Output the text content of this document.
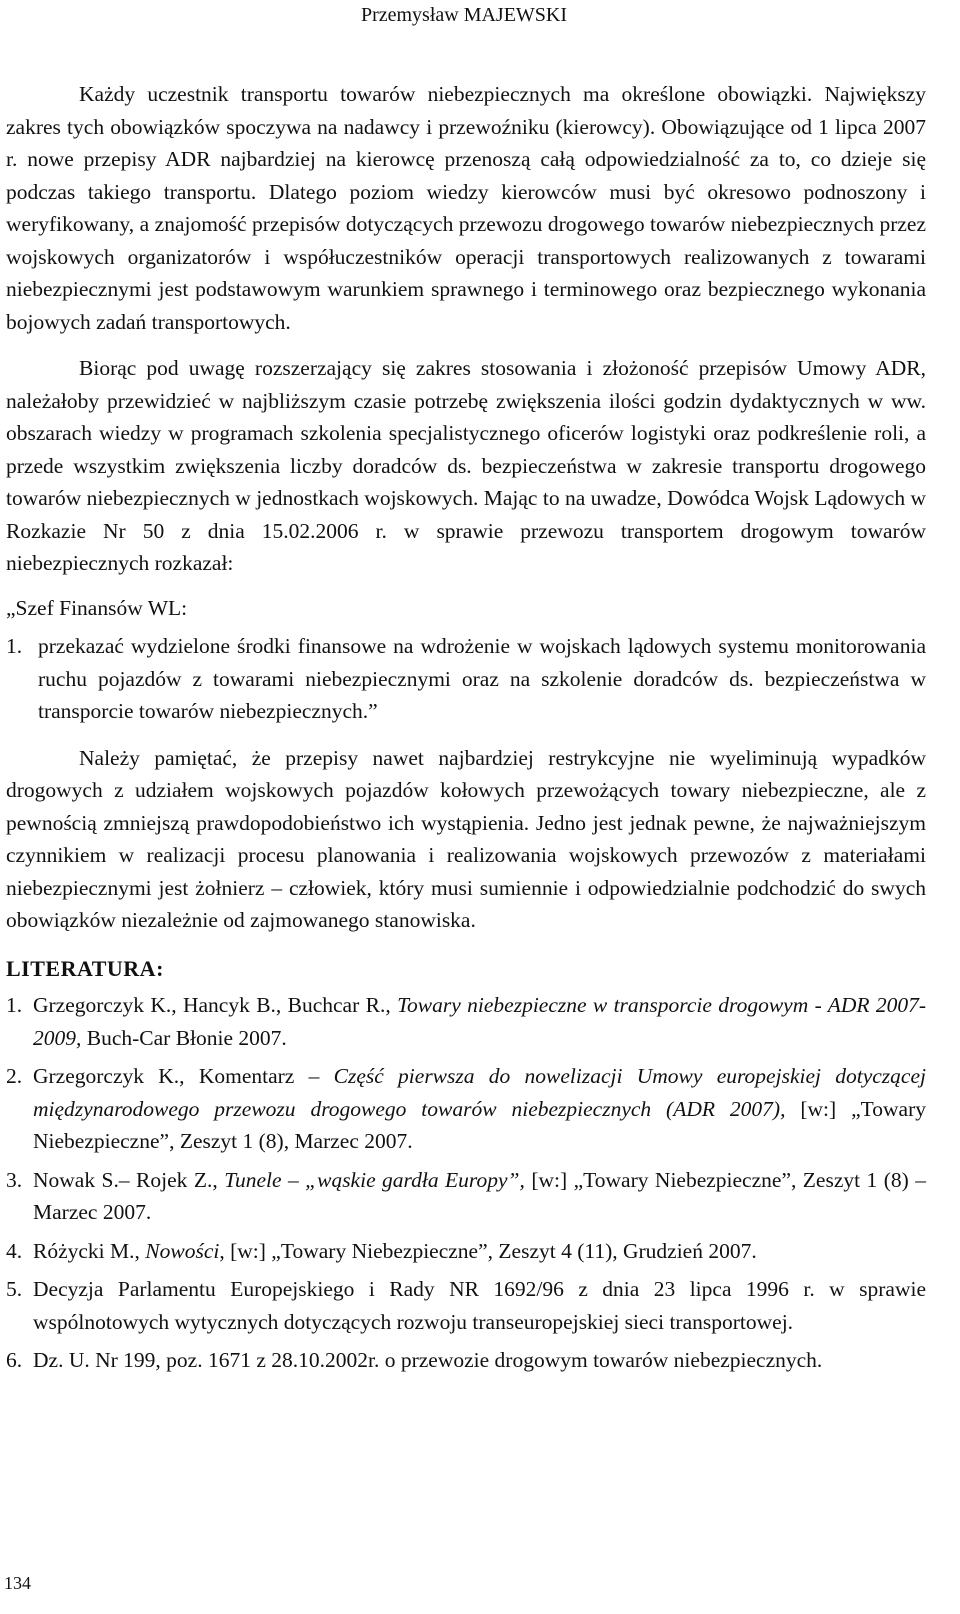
Przemysław MAJEWSKI

Każdy uczestnik transportu towarów niebezpiecznych ma określone obowiązki. Największy zakres tych obowiązków spoczywa na nadawcy i przewoźniku (kierowcy). Obowiązujące od 1 lipca 2007 r. nowe przepisy ADR najbardziej na kierowcę przenoszą całą odpowiedzialność za to, co dzieje się podczas takiego transportu. Dlatego poziom wiedzy kierowców musi być okresowo podnoszony i weryfikowany, a znajomość przepisów dotyczących przewozu drogowego towarów niebezpiecznych przez wojskowych organizatorów i współuczestników operacji transportowych realizowanych z towarami niebezpiecznymi jest podstawowym warunkiem sprawnego i terminowego oraz bezpiecznego wykonania bojowych zadań transportowych.

Biorąc pod uwagę rozszerzający się zakres stosowania i złożoność przepisów Umowy ADR, należałoby przewidzieć w najbliższym czasie potrzebę zwiększenia ilości godzin dydaktycznych w ww. obszarach wiedzy w programach szkolenia specjalistycznego oficerów logistyki oraz podkreślenie roli, a przede wszystkim zwiększenia liczby doradców ds. bezpieczeństwa w zakresie transportu drogowego towarów niebezpiecznych w jednostkach wojskowych. Mając to na uwadze, Dowódca Wojsk Lądowych w Rozkazie Nr 50 z dnia 15.02.2006 r. w sprawie przewozu transportem drogowym towarów niebezpiecznych rozkazał:

„Szef Finansów WL:

1. przekazać wydzielone środki finansowe na wdrożenie w wojskach lądowych systemu monitorowania ruchu pojazdów z towarami niebezpiecznymi oraz na szkolenie doradców ds. bezpieczeństwa w transporcie towarów niebezpiecznych.”

Należy pamiętać, że przepisy nawet najbardziej restrykcyjne nie wyeliminują wypadków drogowych z udziałem wojskowych pojazdów kołowych przewożących towary niebezpieczne, ale z pewnością zmniejszą prawdopodobieństwo ich wystąpienia. Jedno jest jednak pewne, że najważniejszym czynnikiem w realizacji procesu planowania i realizowania wojskowych przewozów z materiałami niebezpiecznymi jest żołnierz – człowiek, który musi sumiennie i odpowiedzialnie podchodzić do swych obowiązków niezależnie od zajmowanego stanowiska.

LITERATURA:
1. Grzegorczyk K., Hancyk B., Buchcar R., Towary niebezpieczne w transporcie drogowym - ADR 2007-2009, Buch-Car Błonie 2007.
2. Grzegorczyk K., Komentarz – Część pierwsza do nowelizacji Umowy europejskiej dotyczącej międzynarodowego przewozu drogowego towarów niebezpiecznych (ADR 2007), [w:] „Towary Niebezpieczne”, Zeszyt 1 (8), Marzec 2007.
3. Nowak S.– Rojek Z., Tunele – „wąskie gardła Europy”, [w:] „Towary Niebezpieczne”, Zeszyt 1 (8) – Marzec 2007.
4. Różycki M., Nowości, [w:] „Towary Niebezpieczne”, Zeszyt 4 (11), Grudzień 2007.
5. Decyzja Parlamentu Europejskiego i Rady NR 1692/96 z dnia 23 lipca 1996 r. w sprawie wspólnotowych wytycznych dotyczących rozwoju transeuropejskiej sieci transportowej.
6. Dz. U. Nr 199, poz. 1671 z 28.10.2002r. o przewozie drogowym towarów niebezpiecznych.
134
